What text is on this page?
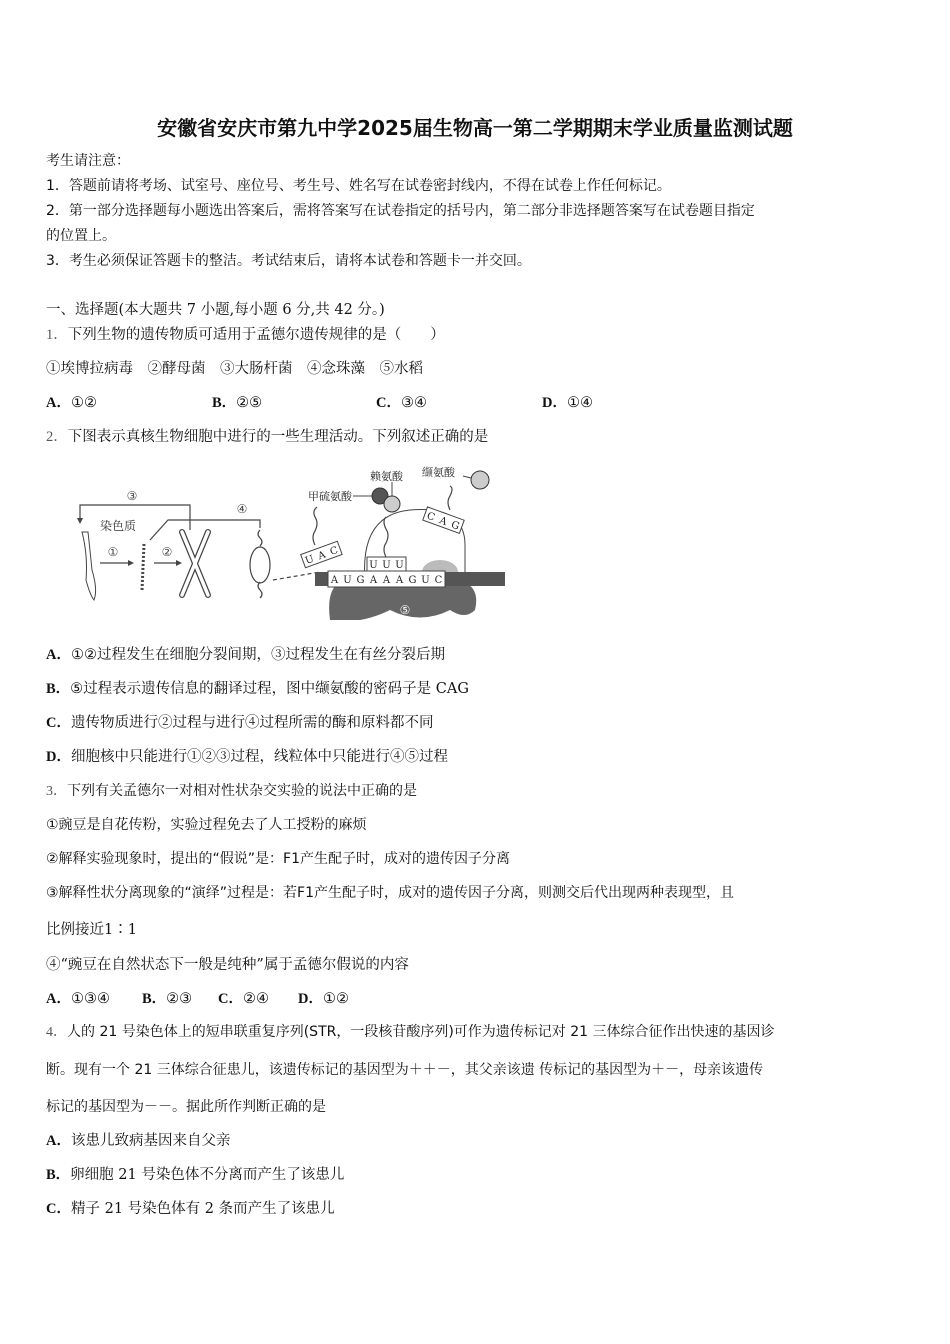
安徽省安庆市第九中学2025届生物高一第二学期期末学业质量监测试题
考生请注意：
1．答题前请将考场、试室号、座位号、考生号、姓名写在试卷密封线内，不得在试卷上作任何标记。
2．第一部分选择题每小题选出答案后，需将答案写在试卷指定的括号内，第二部分非选择题答案写在试卷题目指定
的位置上。
3．考生必须保证答题卡的整洁。考试结束后，请将本试卷和答题卡一并交回。
一、选择题(本大题共 7 小题,每小题 6 分,共 42 分。)
1．下列生物的遗传物质可适用于孟德尔遗传规律的是（　　）
①埃博拉病毒　②酵母菌　③大肠杆菌　④念珠藻　⑤水稻
A．①②	B．②⑤	C．③④	D．①④
2．下图表示真核生物细胞中进行的一些生理活动。下列叙述正确的是
③
④
染色质
①	②
A U G A A A G U C
U U U
U A C
C A G
甲硫氨酸
赖氨酸 缬氨酸
⑤
A．①②过程发生在细胞分裂间期，③过程发生在有丝分裂后期
B．⑤过程表示遗传信息的翻译过程，图中缬氨酸的密码子是 CAG
C．遗传物质进行②过程与进行④过程所需的酶和原料都不同
D．细胞核中只能进行①②③过程，线粒体中只能进行④⑤过程
3．下列有关孟德尔一对相对性状杂交实验的说法中正确的是
①豌豆是自花传粉，实验过程免去了人工授粉的麻烦
②解释实验现象时，提出的“假说”是：F1产生配子时，成对的遗传因子分离
③解释性状分离现象的“演绎”过程是：若F1产生配子时，成对的遗传因子分离，则测交后代出现两种表现型，且
比例接近1∶1
④“豌豆在自然状态下一般是纯种”属于孟德尔假说的内容
A．①③④ B．②③ C．②④ D．①②
4．人的 21 号染色体上的短串联重复序列(STR，一段核苷酸序列)可作为遗传标记对 21 三体综合征作出快速的基因诊
断。现有一个 21 三体综合征患儿，该遗传标记的基因型为＋＋－，其父亲该遗 传标记的基因型为＋－，母亲该遗传
标记的基因型为－－。据此所作判断正确的是
A．该患儿致病基因来自父亲
B．卵细胞 21 号染色体不分离而产生了该患儿
C．精子 21 号染色体有 2 条而产生了该患儿
